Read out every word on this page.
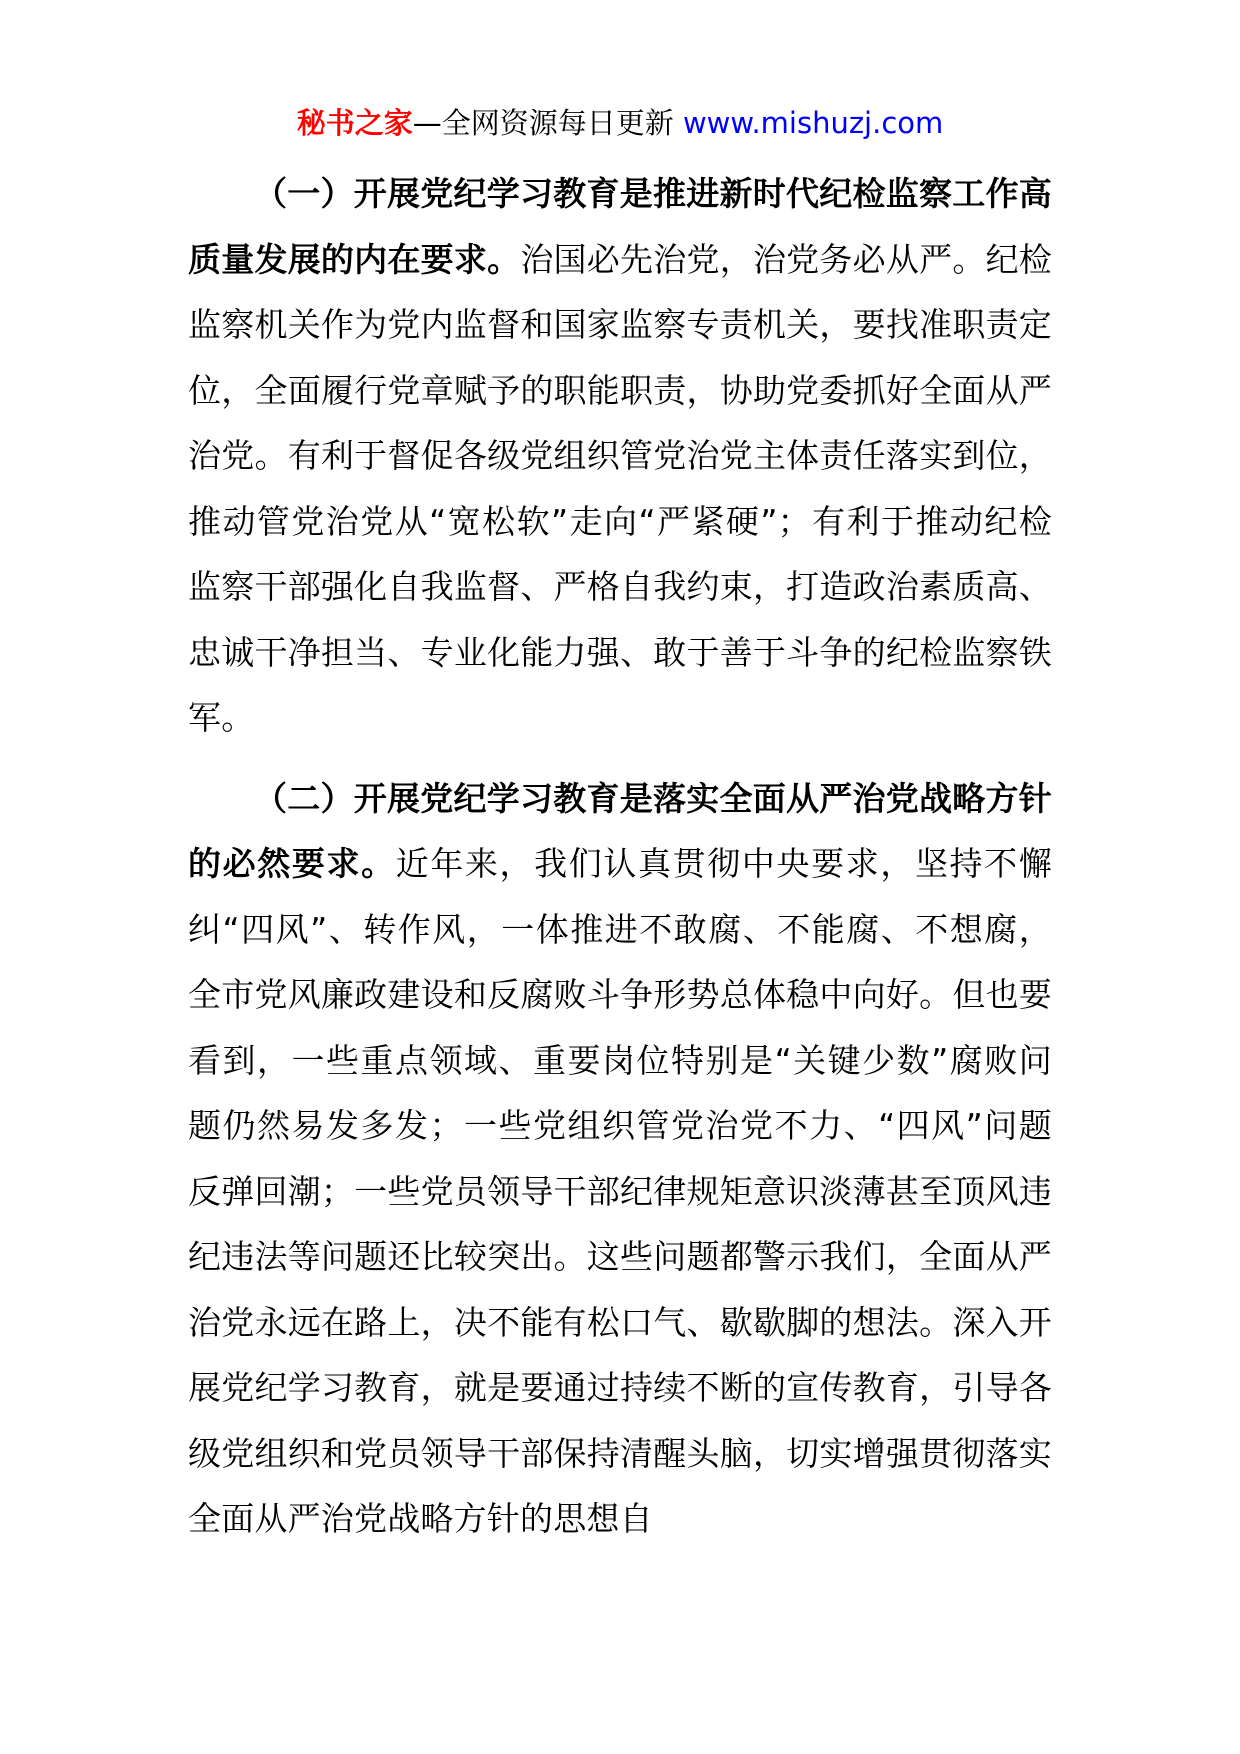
秘书之家—全网资源每日更新 www.mishuzj.com

（一）开展党纪学习教育是推进新时代纪检监察工作高质量发展的内在要求。治国必先治党，治党务必从严。纪检监察机关作为党内监督和国家监察专责机关，要找准职责定位，全面履行党章赋予的职能职责，协助党委抓好全面从严治党。有利于督促各级党组织管党治党主体责任落实到位，推动管党治党从“宽松软”走向“严紧硬”；有利于推动纪检监察干部强化自我监督、严格自我约束，打造政治素质高、忠诚干净担当、专业化能力强、敢于善于斗争的纪检监察铁军。

（二）开展党纪学习教育是落实全面从严治党战略方针的必然要求。近年来，我们认真贯彻中央要求，坚持不懈纠“四风”、转作风，一体推进不敢腐、不能腐、不想腐，全市党风廉政建设和反腐败斗争形势总体稳中向好。但也要看到，一些重点领域、重要岗位特别是“关键少数”腐败问题仍然易发多发；一些党组织管党治党不力、“四风”问题反弹回潮；一些党员领导干部纪律规矩意识淡薄甚至顶风违纪违法等问题还比较突出。这些问题都警示我们，全面从严治党永远在路上，决不能有松口气、歇歇脚的想法。深入开展党纪学习教育，就是要通过持续不断的宣传教育，引导各级党组织和党员领导干部保持清醒头脑，切实增强贯彻落实全面从严治党战略方针的思想自
